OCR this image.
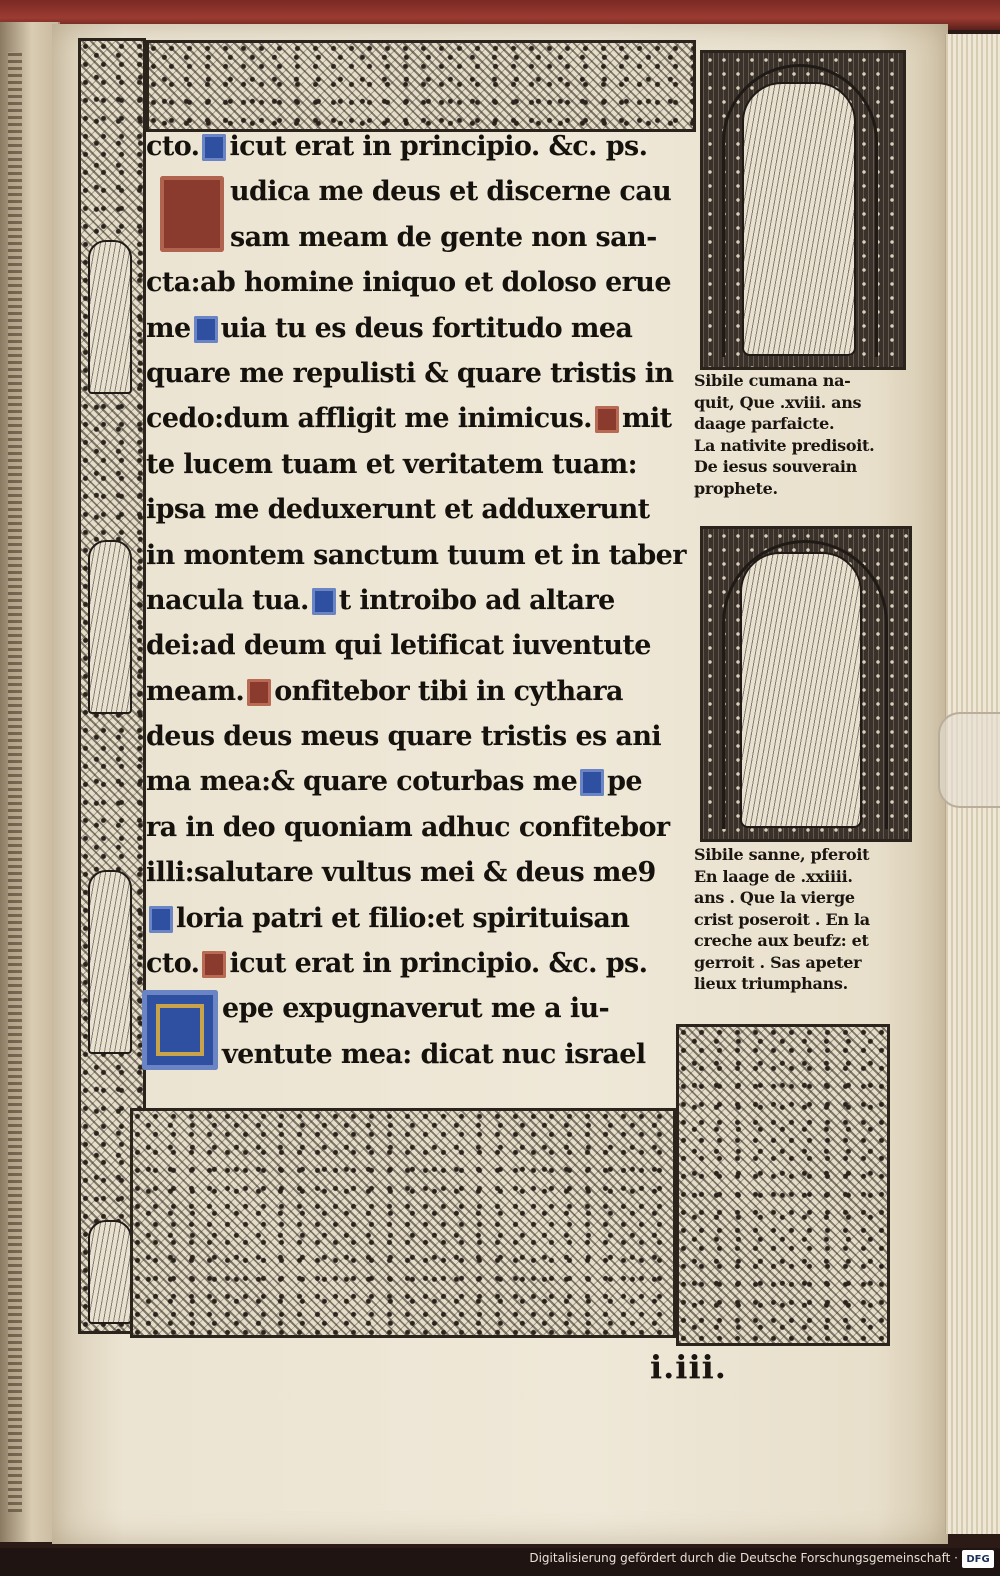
cto. icut erat in principio. &c. ps.
udica me deus et discerne cau
sam meam de gente non san-
cta:ab homine iniquo et doloso erue
me uia tu es deus fortitudo mea
quare me repulisti & quare tristis in
cedo:dum affligit me inimicus. mit
te lucem tuam et veritatem tuam:
ipsa me deduxerunt et adduxerunt
in montem sanctum tuum et in taber
nacula tua. t introibo ad altare
dei:ad deum qui letificat iuventute
meam. onfitebor tibi in cythara
deus deus meus quare tristis es ani
ma mea:& quare coturbas me pe
ra in deo quoniam adhuc confitebor
illi:salutare vultus mei & deus me9
loria patri et filio:et spirituisan
cto. icut erat in principio. &c. ps.
epe expugnaverut me a iu-
ventute mea: dicat nuc israel
Sibile cumana na-
quit, Que .xviii. ans
daage parfaicte.
La nativite predisoit.
De iesus souverain
prophete.
Sibile sanne, pferoit
En laage de .xxiiii.
ans . Que la vierge
crist poseroit . En la
creche aux beufz: et
gerroit . Sas apeter
lieux triumphans.
i.iii.
Digitalisierung gefördert durch die Deutsche Forschungsgemeinschaft · DFG
